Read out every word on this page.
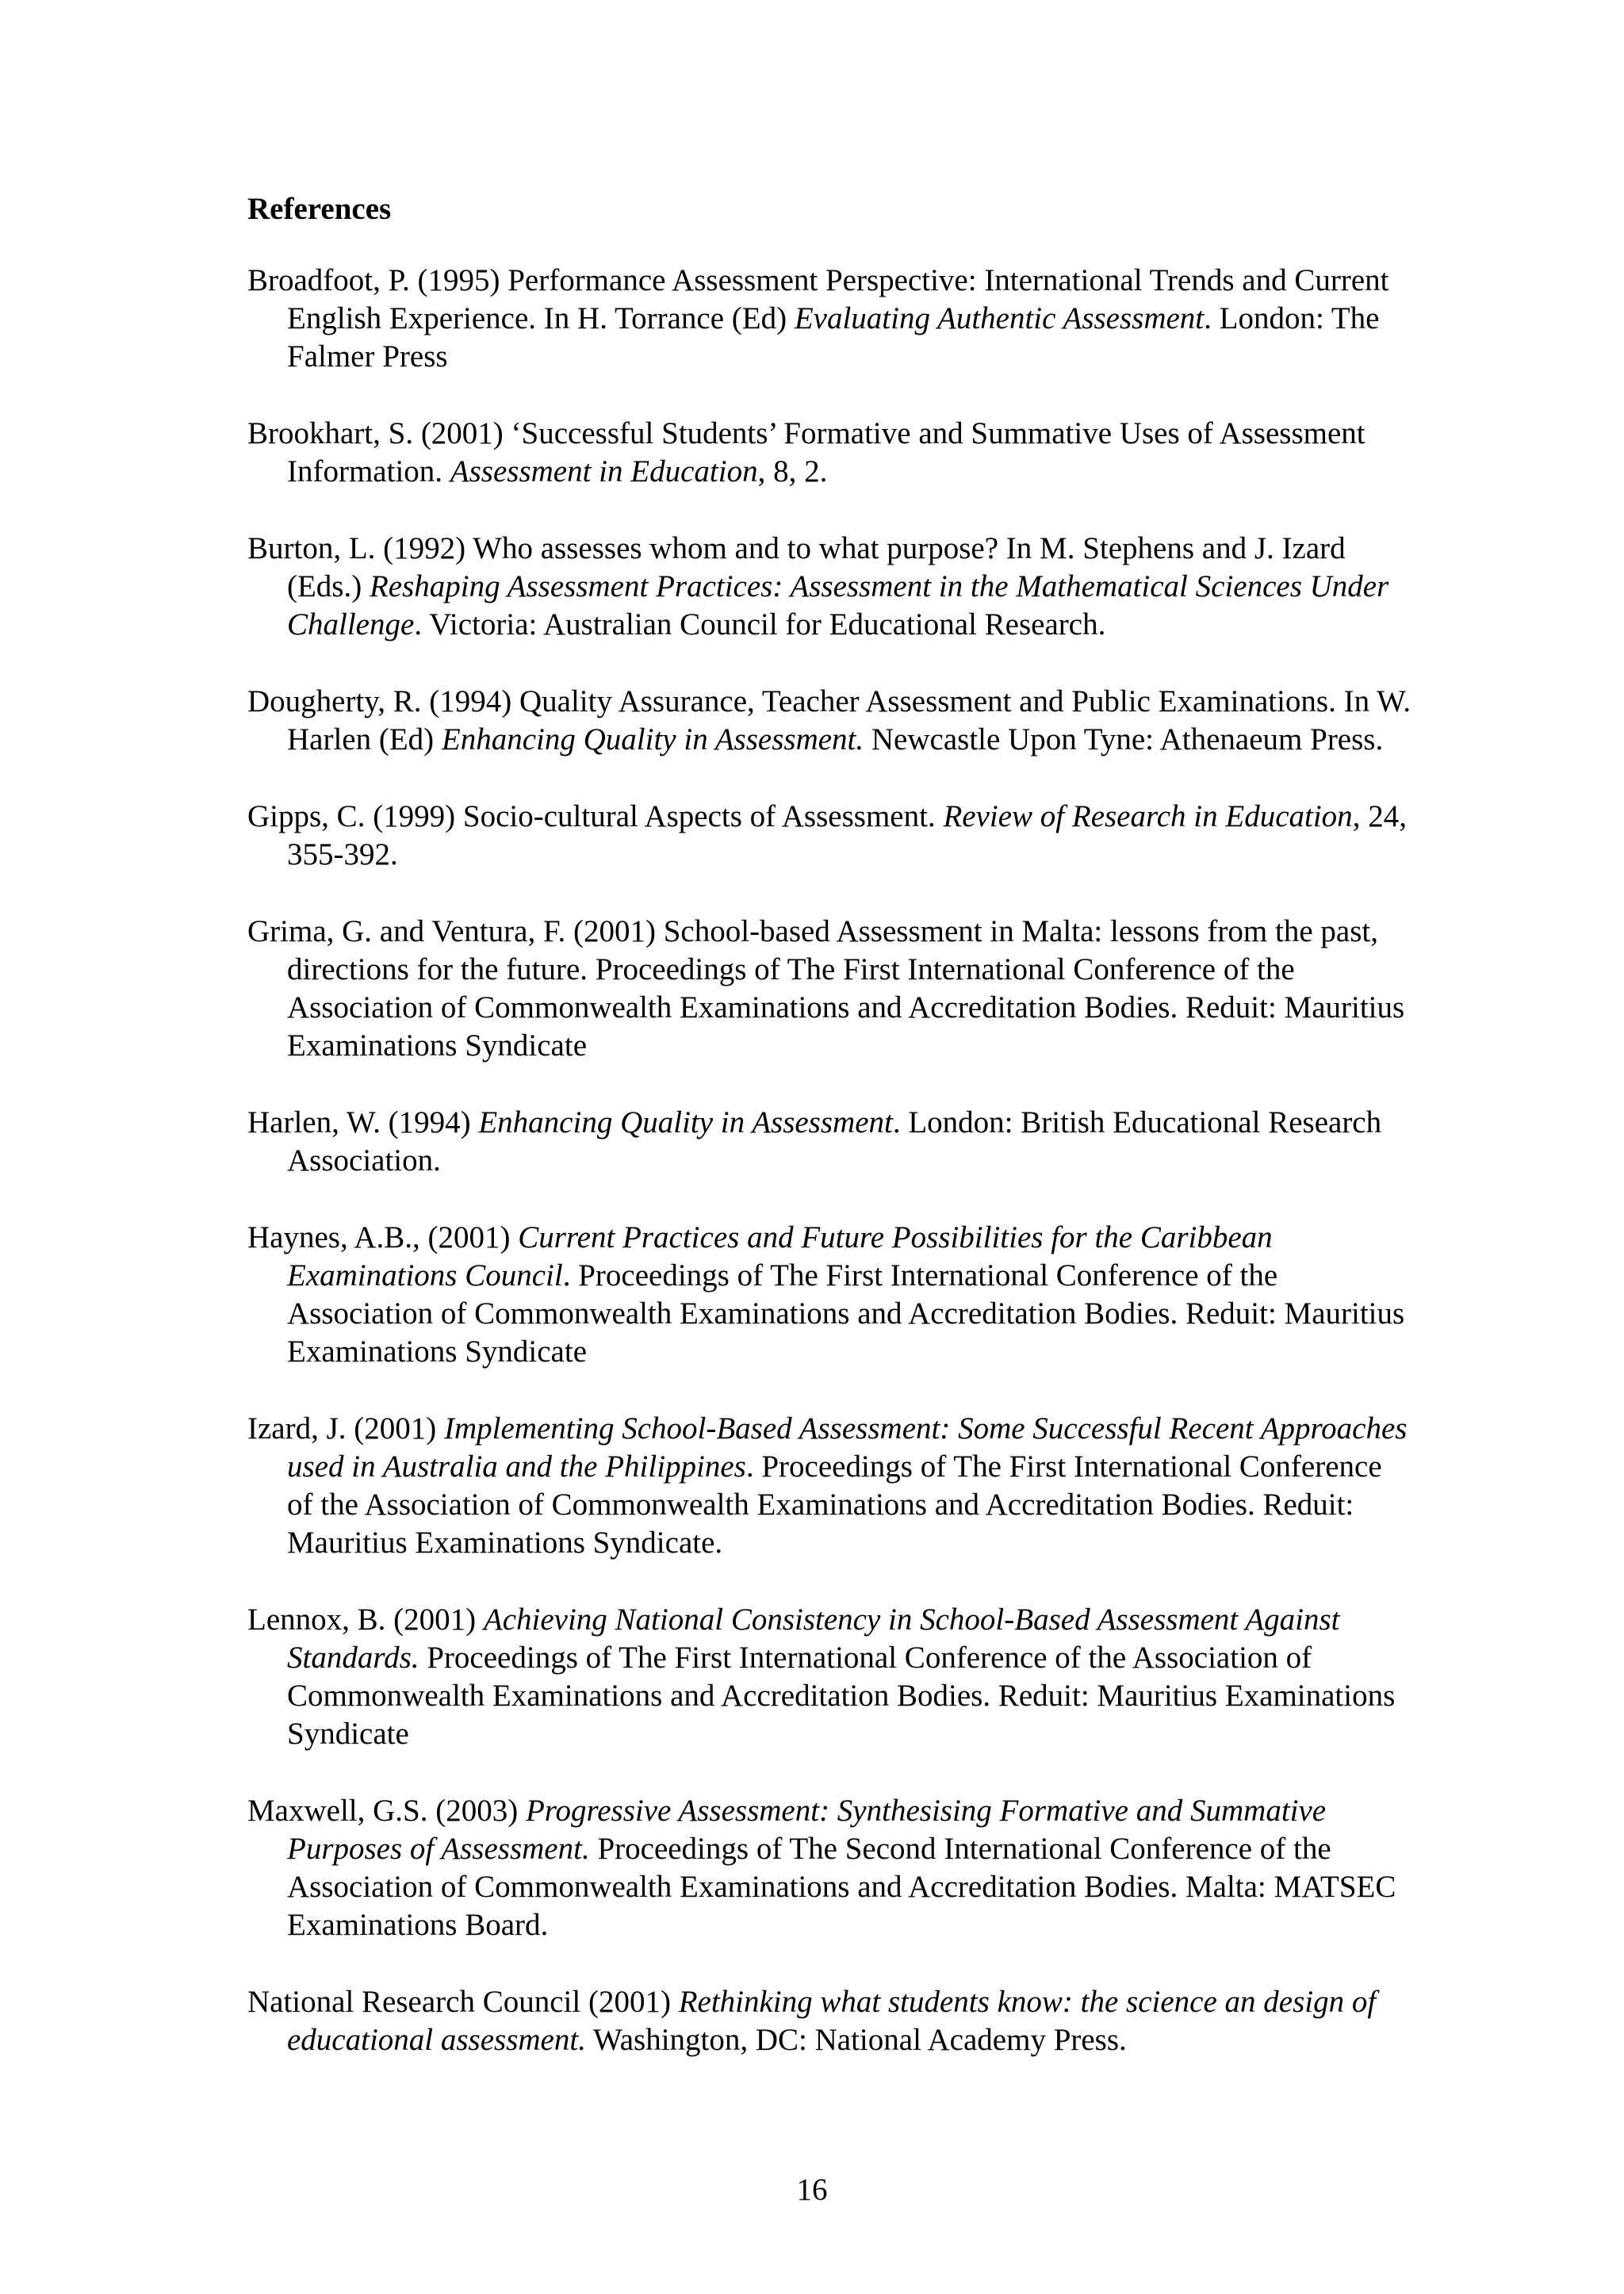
References

Broadfoot, P. (1995) Performance Assessment Perspective: International Trends and Current English Experience. In H. Torrance (Ed) Evaluating Authentic Assessment. London: The Falmer Press

Brookhart, S. (2001) ‘Successful Students’ Formative and Summative Uses of Assessment Information. Assessment in Education, 8, 2.

Burton, L. (1992) Who assesses whom and to what purpose? In M. Stephens and J. Izard (Eds.) Reshaping Assessment Practices: Assessment in the Mathematical Sciences Under Challenge. Victoria: Australian Council for Educational Research.

Dougherty, R. (1994) Quality Assurance, Teacher Assessment and Public Examinations. In W. Harlen (Ed) Enhancing Quality in Assessment. Newcastle Upon Tyne: Athenaeum Press.

Gipps, C. (1999) Socio-cultural Aspects of Assessment. Review of Research in Education, 24, 355-392.

Grima, G. and Ventura, F. (2001) School-based Assessment in Malta: lessons from the past, directions for the future. Proceedings of The First International Conference of the Association of Commonwealth Examinations and Accreditation Bodies. Reduit: Mauritius Examinations Syndicate

Harlen, W. (1994) Enhancing Quality in Assessment. London: British Educational Research Association.

Haynes, A.B., (2001) Current Practices and Future Possibilities for the Caribbean Examinations Council. Proceedings of The First International Conference of the Association of Commonwealth Examinations and Accreditation Bodies. Reduit: Mauritius Examinations Syndicate

Izard, J. (2001) Implementing School-Based Assessment: Some Successful Recent Approaches used in Australia and the Philippines. Proceedings of The First International Conference of the Association of Commonwealth Examinations and Accreditation Bodies. Reduit: Mauritius Examinations Syndicate.

Lennox, B. (2001) Achieving National Consistency in School-Based Assessment Against Standards. Proceedings of The First International Conference of the Association of Commonwealth Examinations and Accreditation Bodies. Reduit: Mauritius Examinations Syndicate

Maxwell, G.S. (2003) Progressive Assessment: Synthesising Formative and Summative Purposes of Assessment. Proceedings of The Second International Conference of the Association of Commonwealth Examinations and Accreditation Bodies. Malta: MATSEC Examinations Board.

National Research Council (2001) Rethinking what students know: the science an design of educational assessment. Washington, DC: National Academy Press.

16
